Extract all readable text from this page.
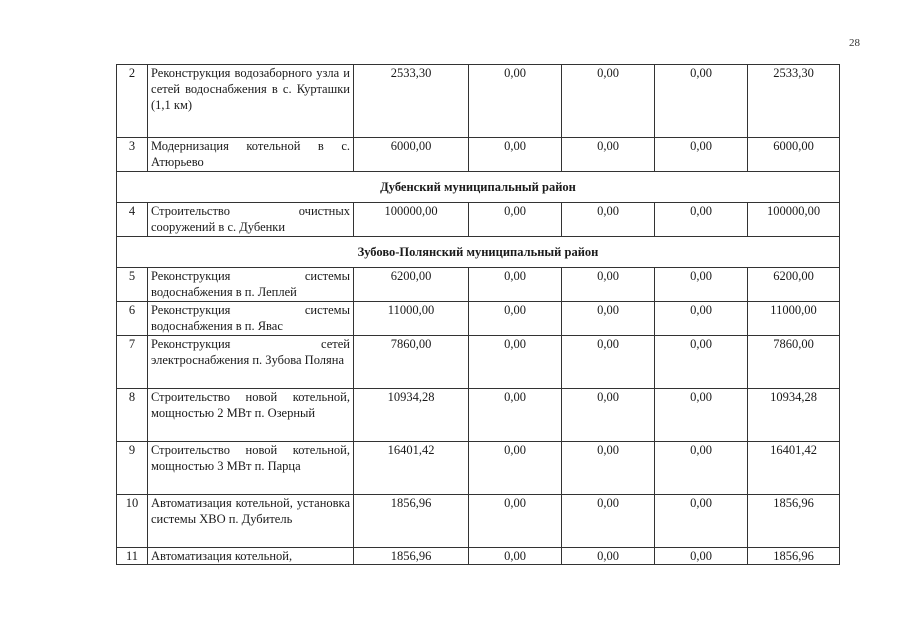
28
2	Реконструкция водозаборного узла и сетей водоснабжения в с. Курташки (1,1 км)	2533,30	0,00	0,00	0,00	2533,30
3	Модернизация котельной в с. Атюрьево	6000,00	0,00	0,00	0,00	6000,00
Дубенский муниципальный район						
4	Строительство очистных сооружений в с. Дубенки	100000,00	0,00	0,00	0,00	100000,00
Зубово-Полянский муниципальный район						
5	Реконструкция системы водоснабжения в п. Леплей	6200,00	0,00	0,00	0,00	6200,00
6	Реконструкция системы водоснабжения в п. Явас	11000,00	0,00	0,00	0,00	11000,00
7	Реконструкция сетей электроснабжения п. Зубова Поляна	7860,00	0,00	0,00	0,00	7860,00
8	Строительство новой котельной, мощностью 2 МВт п. Озерный	10934,28	0,00	0,00	0,00	10934,28
9	Строительство новой котельной, мощностью 3 МВт п. Парца	16401,42	0,00	0,00	0,00	16401,42
10	Автоматизация котельной, установка системы ХВО п. Дубитель	1856,96	0,00	0,00	0,00	1856,96
11	Автоматизация котельной,	1856,96	0,00	0,00	0,00	1856,96
